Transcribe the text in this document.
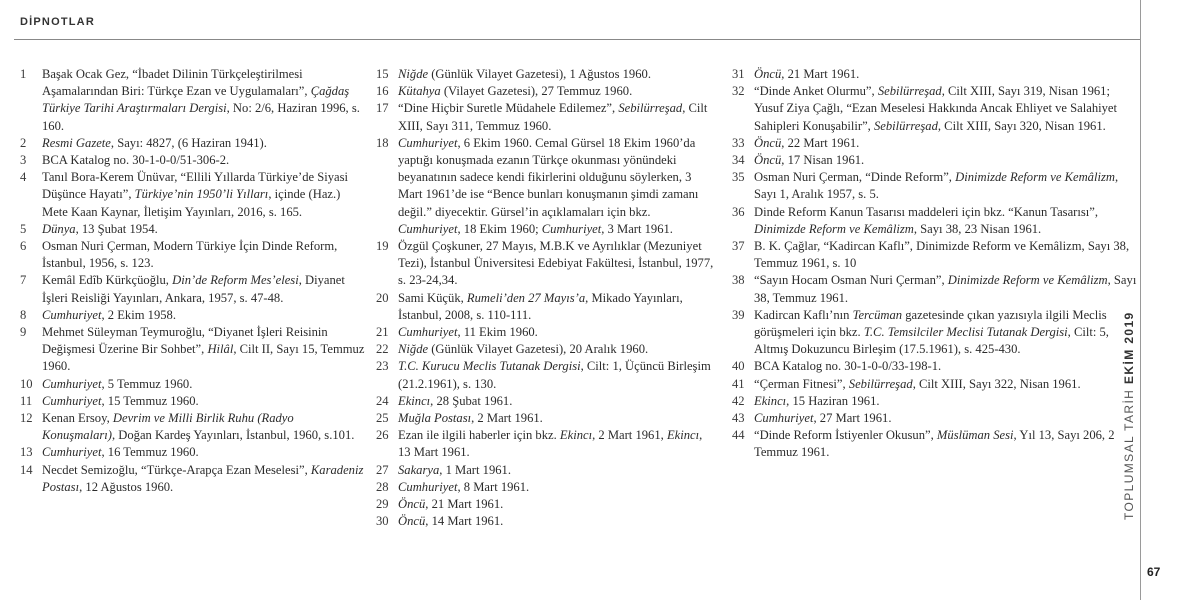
DİPNOTLAR
1	Başak Ocak Gez, “İbadet Dilinin Türkçeleştirilmesi Aşamalarından Biri: Türkçe Ezan ve Uygulamaları”, Çağdaş Türkiye Tarihi Araştırmaları Dergisi, No: 2/6, Haziran 1996, s. 160.
2	Resmi Gazete, Sayı: 4827, (6 Haziran 1941).
3	BCA Katalog no. 30-1-0-0/51-306-2.
4	Tanıl Bora-Kerem Ünüvar, “Ellili Yıllarda Türkiye’de Siyasi Düşünce Hayatı”, Türkiye’nin 1950’li Yılları, içinde (Haz.) Mete Kaan Kaynar, İletişim Yayınları, 2016, s. 165.
5	Dünya, 13 Şubat 1954.
6	Osman Nuri Çerman, Modern Türkiye İçin Dinde Reform, İstanbul, 1956, s. 123.
7	Kemâl Edîb Kürkçüoğlu, Din’de Reform Mes’elesi, Diyanet İşleri Reisliği Yayınları, Ankara, 1957, s. 47-48.
8	Cumhuriyet, 2 Ekim 1958.
9	Mehmet Süleyman Teymuroğlu, “Diyanet İşleri Reisinin Değişmesi Üzerine Bir Sohbet”, Hilâl, Cilt II, Sayı 15, Temmuz 1960.
10 Cumhuriyet, 5 Temmuz 1960.
11 Cumhuriyet, 15 Temmuz 1960.
12 Kenan Ersoy, Devrim ve Milli Birlik Ruhu (Radyo Konuşmaları), Doğan Kardeş Yayınları, İstanbul, 1960, s.101.
13 Cumhuriyet, 16 Temmuz 1960.
14 Necdet Semizoğlu, “Türkçe-Arapça Ezan Meselesi”, Karadeniz Postası, 12 Ağustos 1960.
15 Niğde (Günlük Vilayet Gazetesi), 1 Ağustos 1960.
16 Kütahya (Vilayet Gazetesi), 27 Temmuz 1960.
17 “Dine Hiçbir Suretle Müdahele Edilemez”, Sebilürreşad, Cilt XIII, Sayı 311, Temmuz 1960.
18 Cumhuriyet, 6 Ekim 1960. Cemal Gürsel 18 Ekim 1960’da yaptığı konuşmada ezanın Türkçe okunması yönündeki beyanatının sadece kendi fikirlerini olduğunu söylerken, 3 Mart 1961’de ise “Bence bunları konuşmanın şimdi zamanı değil.” diyecektir. Gürsel’in açıklamaları için bkz. Cumhuriyet, 18 Ekim 1960; Cumhuriyet, 3 Mart 1961.
19 Özgül Çoşkuner, 27 Mayıs, M.B.K ve Ayrılıklar (Mezuniyet Tezi), İstanbul Üniversitesi Edebiyat Fakültesi, İstanbul, 1977, s. 23-24,34.
20 Sami Küçük, Rumeli’den 27 Mayıs’a, Mikado Yayınları, İstanbul, 2008, s. 110-111.
21 Cumhuriyet, 11 Ekim 1960.
22 Niğde (Günlük Vilayet Gazetesi), 20 Aralık 1960.
23 T.C. Kurucu Meclis Tutanak Dergisi, Cilt: 1, Üçüncü Birleşim (21.2.1961), s. 130.
24 Ekincı, 28 Şubat 1961.
25 Muğla Postası, 2 Mart 1961.
26 Ezan ile ilgili haberler için bkz. Ekincı, 2 Mart 1961, Ekincı, 13 Mart 1961.
27 Sakarya, 1 Mart 1961.
28 Cumhuriyet, 8 Mart 1961.
29 Öncü, 21 Mart 1961.
30 Öncü, 14 Mart 1961.
31 Öncü, 21 Mart 1961.
32 “Dinde Anket Olurmu”, Sebilürreşad, Cilt XIII, Sayı 319, Nisan 1961; Yusuf Ziya Çağlı, “Ezan Meselesi Hakkında Ancak Ehliyet ve Salahiyet Sahipleri Konuşabilir”, Sebilürreşad, Cilt XIII, Sayı 320, Nisan 1961.
33 Öncü, 22 Mart 1961.
34 Öncü, 17 Nisan 1961.
35 Osman Nuri Çerman, “Dinde Reform”, Dinimizde Reform ve Kemâlizm, Sayı 1, Aralık 1957, s. 5.
36 Dinde Reform Kanun Tasarısı maddeleri için bkz. “Kanun Tasarısı”, Dinimizde Reform ve Kemâlizm, Sayı 38, 23 Nisan 1961.
37 B. K. Çağlar, “Kadircan Kaflı”, Dinimizde Reform ve Kemâlizm, Sayı 38, Temmuz 1961, s. 10
38 “Sayın Hocam Osman Nuri Çerman”, Dinimizde Reform ve Kemâlizm, Sayı 38, Temmuz 1961.
39 Kadircan Kaflı’nın Tercüman gazetesinde çıkan yazısıyla ilgili Meclis görüşmeleri için bkz. T.C. Temsilciler Meclisi Tutanak Dergisi, Cilt: 5, Altmış Dokuzuncu Birleşim (17.5.1961), s. 425-430.
40 BCA Katalog no. 30-1-0-0/33-198-1.
41 “Çerman Fitnesi”, Sebilürreşad, Cilt XIII, Sayı 322, Nisan 1961.
42 Ekincı, 15 Haziran 1961.
43 Cumhuriyet, 27 Mart 1961.
44 “Dinde Reform İstiyenler Okusun”, Müslüman Sesi, Yıl 13, Sayı 206, 2 Temmuz 1961.	TOPLUMSAL TARİH EKİM 2019
67
